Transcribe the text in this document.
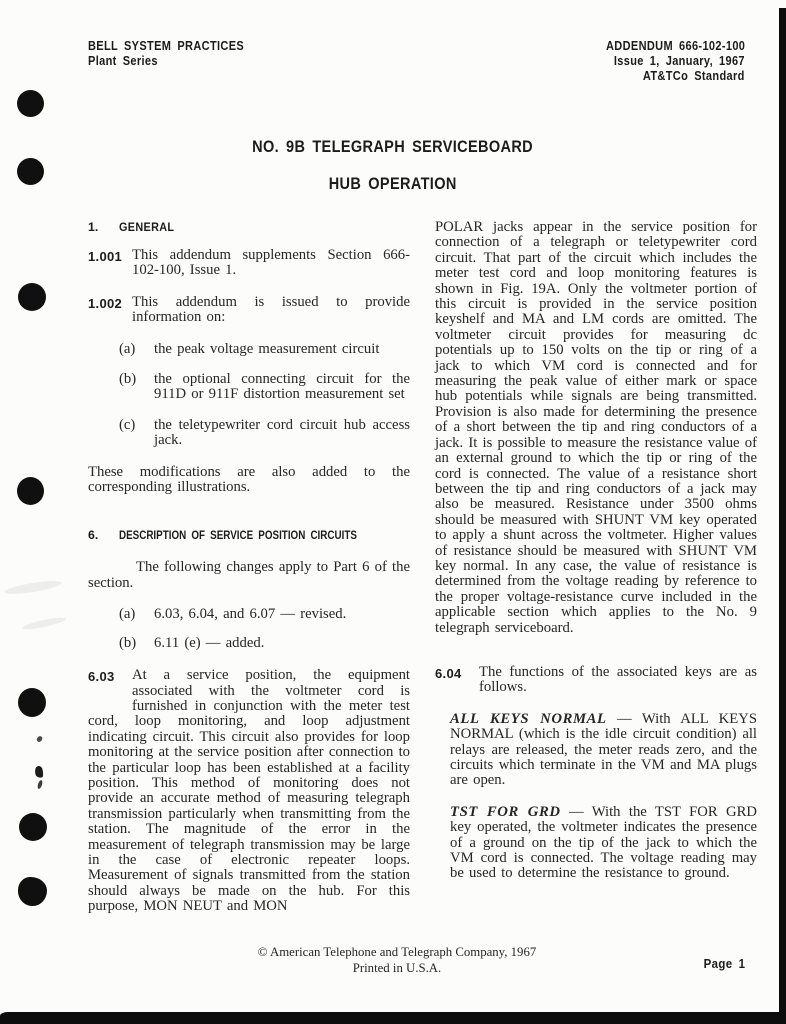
BELL SYSTEM PRACTICES
Plant Series
ADDENDUM 666-102-100
Issue 1, January, 1967
AT&TCo Standard
NO. 9B TELEGRAPH SERVICEBOARD
HUB OPERATION
1. GENERAL
1.001 This addendum supplements Section 666-102-100, Issue 1.
1.002 This addendum is issued to provide information on:
(a) the peak voltage measurement circuit
(b) the optional connecting circuit for the 911D or 911F distortion measurement set
(c) the teletypewriter cord circuit hub access jack.
These modifications are also added to the corresponding illustrations.
6. DESCRIPTION OF SERVICE POSITION CIRCUITS
The following changes apply to Part 6 of the section.
(a) 6.03, 6.04, and 6.07 — revised.
(b) 6.11 (e) — added.
6.03 At a service position, the equipment associated with the voltmeter cord is furnished in conjunction with the meter test cord, loop monitoring, and loop adjustment indicating circuit. This circuit also provides for loop monitoring at the service position after connection to the particular loop has been established at a facility position. This method of monitoring does not provide an accurate method of measuring telegraph transmission particularly when transmitting from the station. The magnitude of the error in the measurement of telegraph transmission may be large in the case of electronic repeater loops. Measurement of signals transmitted from the station should always be made on the hub. For this purpose, MON NEUT and MON
POLAR jacks appear in the service position for connection of a telegraph or teletypewriter cord circuit. That part of the circuit which includes the meter test cord and loop monitoring features is shown in Fig. 19A. Only the voltmeter portion of this circuit is provided in the service position keyshelf and MA and LM cords are omitted. The voltmeter circuit provides for measuring dc potentials up to 150 volts on the tip or ring of a jack to which VM cord is connected and for measuring the peak value of either mark or space hub potentials while signals are being transmitted. Provision is also made for determining the presence of a short between the tip and ring conductors of a jack. It is possible to measure the resistance value of an external ground to which the tip or ring of the cord is connected. The value of a resistance short between the tip and ring conductors of a jack may also be measured. Resistance under 3500 ohms should be measured with SHUNT VM key operated to apply a shunt across the voltmeter. Higher values of resistance should be measured with SHUNT VM key normal. In any case, the value of resistance is determined from the voltage reading by reference to the proper voltage-resistance curve included in the applicable section which applies to the No. 9 telegraph serviceboard.
6.04 The functions of the associated keys are as follows.
ALL KEYS NORMAL — With ALL KEYS NORMAL (which is the idle circuit condition) all relays are released, the meter reads zero, and the circuits which terminate in the VM and MA plugs are open.
TST FOR GRD — With the TST FOR GRD key operated, the voltmeter indicates the presence of a ground on the tip of the jack to which the VM cord is connected. The voltage reading may be used to determine the resistance to ground.
© American Telephone and Telegraph Company, 1967
Printed in U.S.A.	Page 1
